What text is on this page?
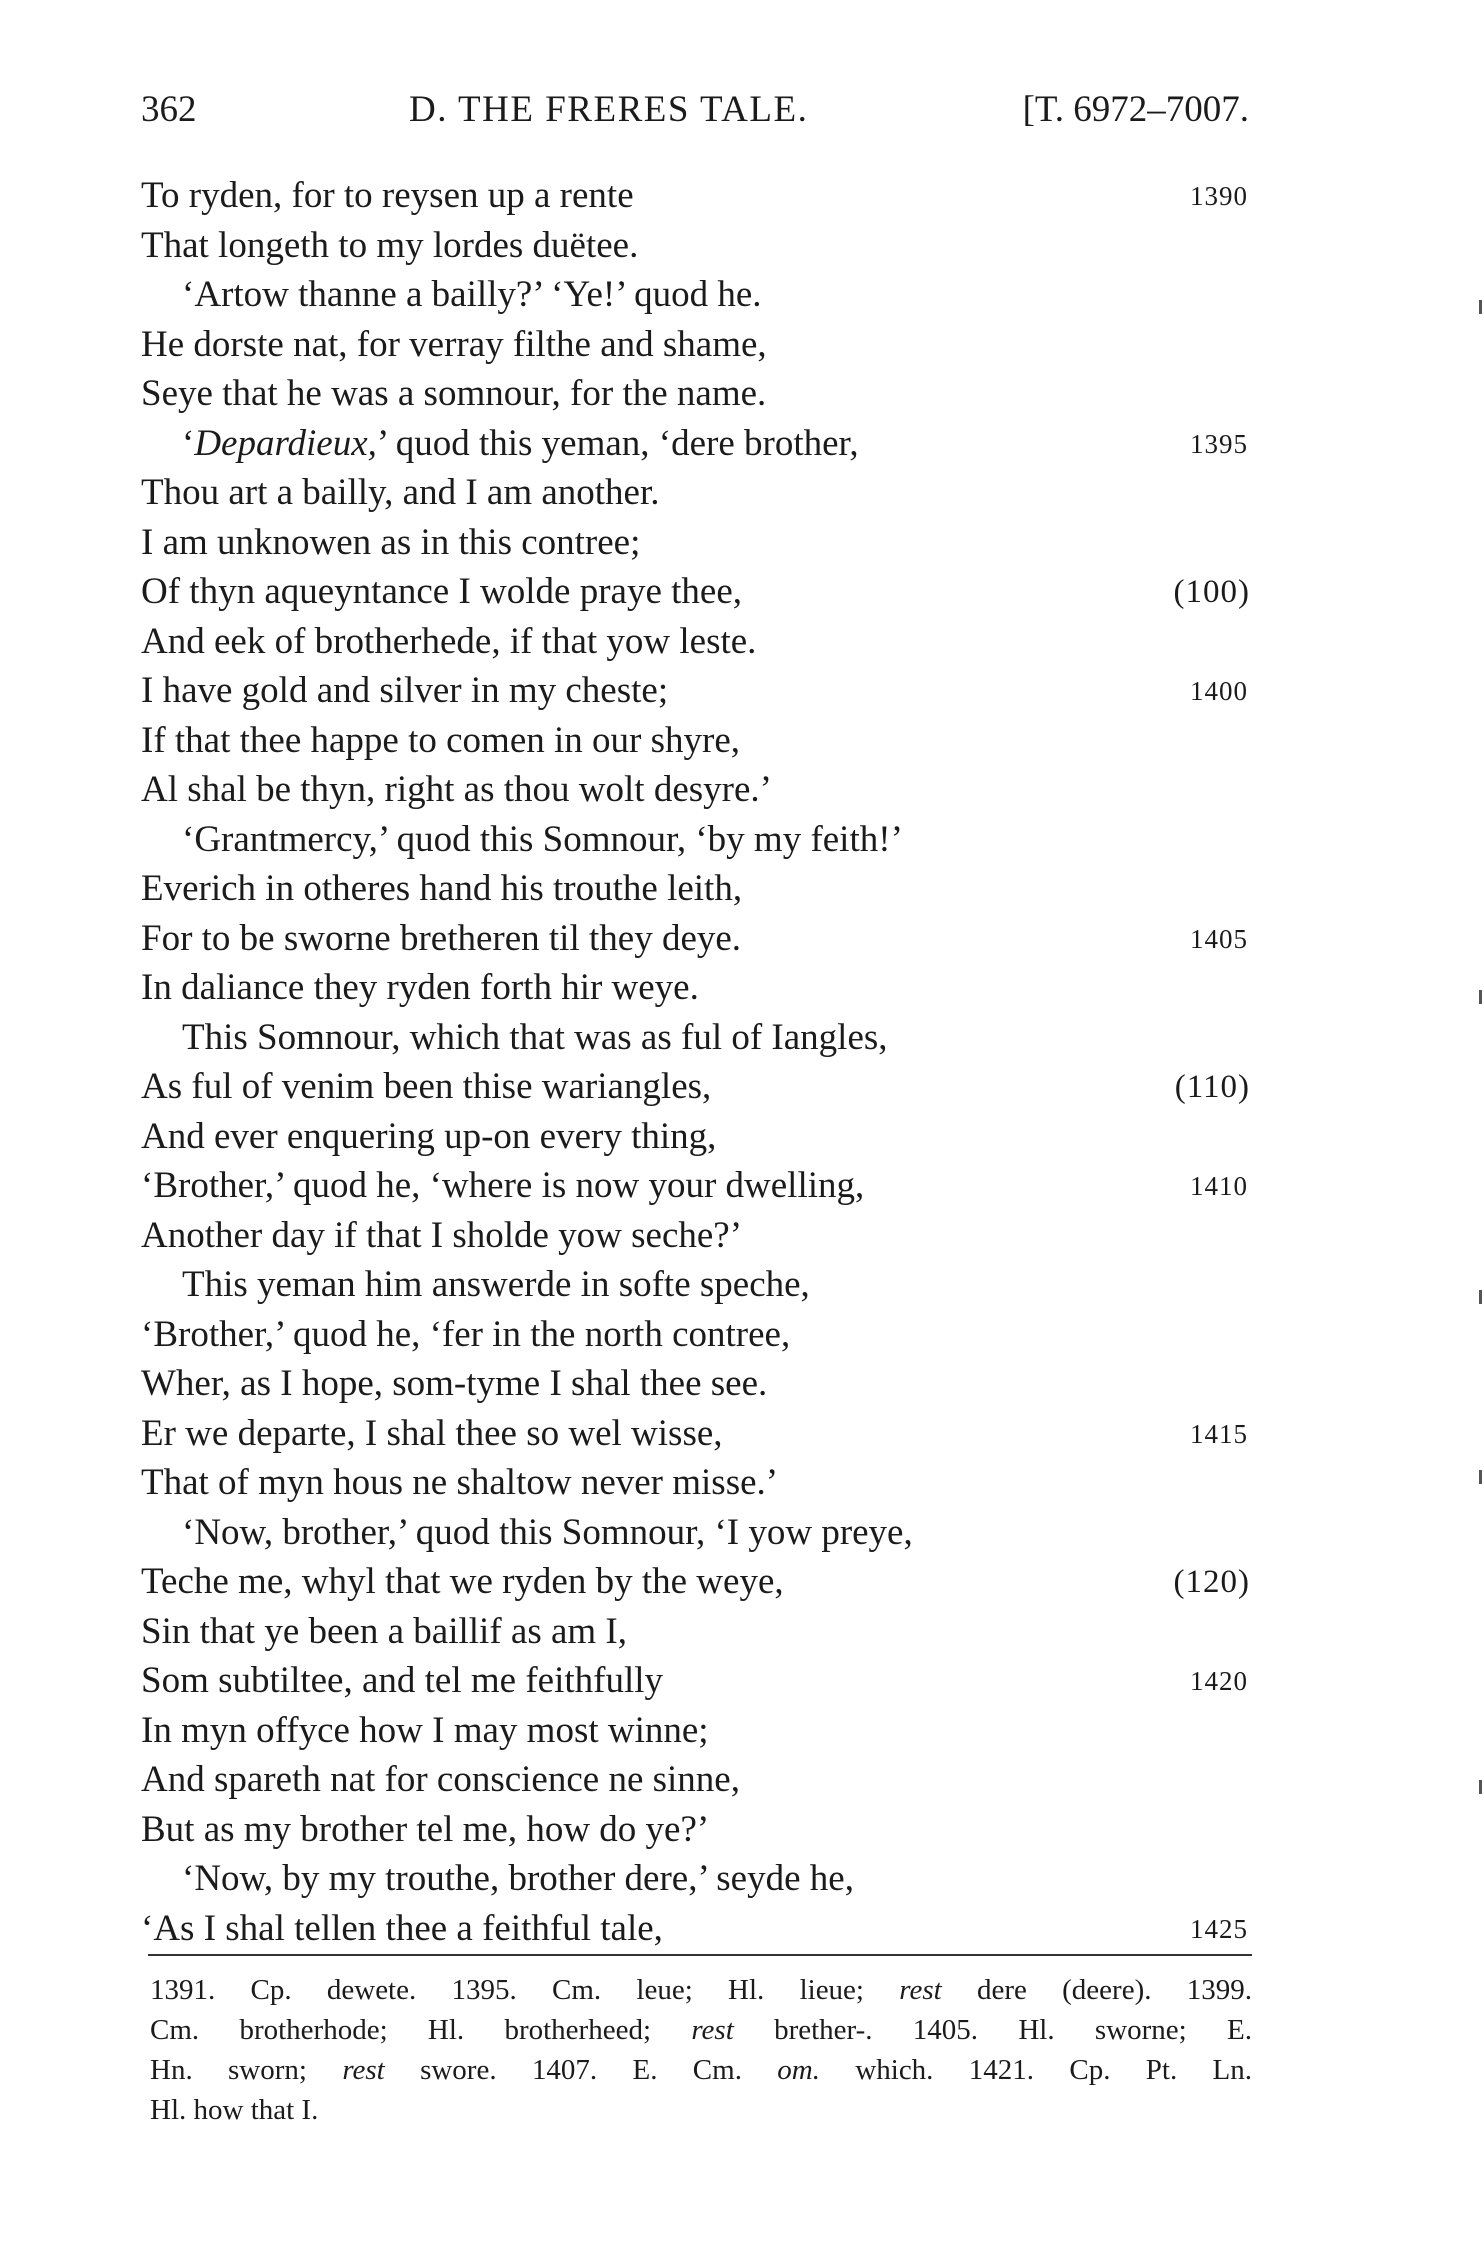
362	D. THE FRERES TALE.	[T. 6972–7007.
To ryden, for to reysen up a rente	1390
That longeth to my lordes duëtee.
‘Artow thanne a bailly?’ ‘Ye!’ quod he.
He dorste nat, for verray filthe and shame,
Seye that he was a somnour, for the name.
‘Depardieux,’ quod this yeman, ‘dere brother,	1395
Thou art a bailly, and I am another.
I am unknowen as in this contree;
Of thyn aqueyntance I wolde praye thee,	(100)
And eek of brotherhede, if that yow leste.
I have gold and silver in my cheste;	1400
If that thee happe to comen in our shyre,
Al shal be thyn, right as thou wolt desyre.’
‘Grantmercy,’ quod this Somnour, ‘by my feith!’
Everich in otheres hand his trouthe leith,
For to be sworne bretheren til they deye.	1405
In daliance they ryden forth hir weye.
This Somnour, which that was as ful of Iangles,
As ful of venim been thise wariangles,	(110)
And ever enquering up-on every thing,
‘Brother,’ quod he, ‘where is now your dwelling,	1410
Another day if that I sholde yow seche?’
This yeman him answerde in softe speche,
‘Brother,’ quod he, ‘fer in the north contree,
Wher, as I hope, som-tyme I shal thee see.
Er we departe, I shal thee so wel wisse,	1415
That of myn hous ne shaltow never misse.’
‘Now, brother,’ quod this Somnour, ‘I yow preye,
Teche me, whyl that we ryden by the weye,	(120)
Sin that ye been a baillif as am I,
Som subtiltee, and tel me feithfully	1420
In myn offyce how I may most winne;
And spareth nat for conscience ne sinne,
But as my brother tel me, how do ye?’
‘Now, by my trouthe, brother dere,’ seyde he,
‘As I shal tellen thee a feithful tale,	1425
1391. Cp. dewete. 1395. Cm. leue; Hl. lieue; rest dere (deere). 1399.
Cm. brotherhode; Hl. brotherheed; rest brether-. 1405. Hl. sworne; E.
Hn. sworn; rest swore. 1407. E. Cm. om. which. 1421. Cp. Pt. Ln.
Hl. how that I.
